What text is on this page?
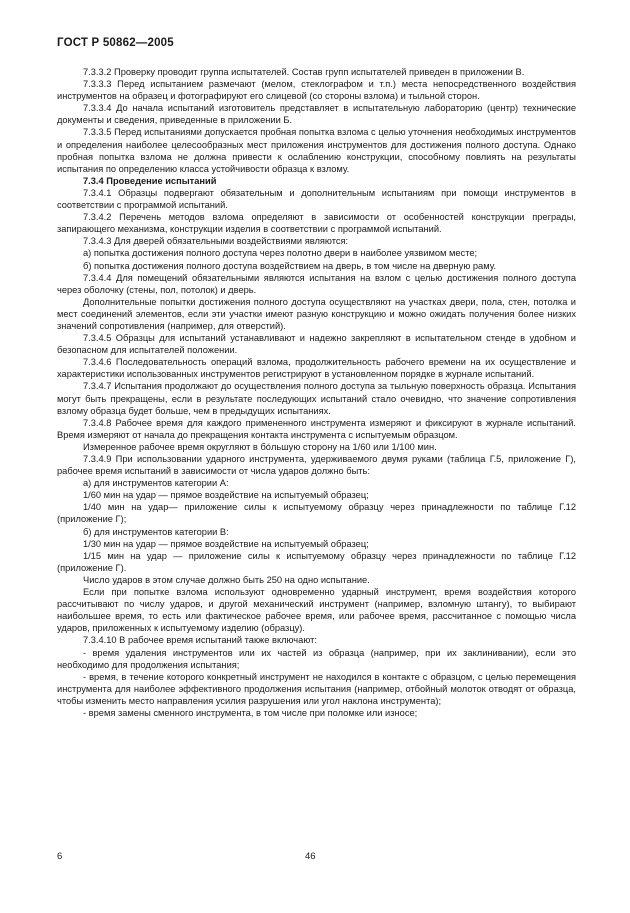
ГОСТ Р 50862—2005

7.3.3.2 Проверку проводит группа испытателей. Состав групп испытателей приведен в приложении В.

7.3.3.3 Перед испытанием размечают (мелом, стеклографом и т.п.) места непосредственного воздействия инструментов на образец и фотографируют его слицевой (со стороны взлома) и тыльной сторон.

7.3.3.4 До начала испытаний изготовитель представляет в испытательную лабораторию (центр) технические документы и сведения, приведенные в приложении Б.

7.3.3.5 Перед испытаниями допускается пробная попытка взлома с целью уточнения необходимых инструментов и определения наиболее целесообразных мест приложения инструментов для достижения полного доступа. Однако пробная попытка взлома не должна привести к ослаблению конструкции, способному повлиять на результаты испытания по определению класса устойчивости образца к взлому.

7.3.4 Проведение испытаний

7.3.4.1 Образцы подвергают обязательным и дополнительным испытаниям при помощи инструментов в соответствии с программой испытаний.

7.3.4.2 Перечень методов взлома определяют в зависимости от особенностей конструкции преграды, запирающего механизма, конструкции изделия в соответствии с программой испытаний.

7.3.4.3 Для дверей обязательными воздействиями являются:

а) попытка достижения полного доступа через полотно двери в наиболее уязвимом месте;

б) попытка достижения полного доступа воздействием на дверь, в том числе на дверную раму.

7.3.4.4 Для помещений обязательными являются испытания на взлом с целью достижения полного доступа через оболочку (стены, пол, потолок) и дверь.

Дополнительные попытки достижения полного доступа осуществляют на участках двери, пола, стен, потолка и мест соединений элементов, если эти участки имеют разную конструкцию и можно ожидать получения более низких значений сопротивления (например, для отверстий).

7.3.4.5 Образцы для испытаний устанавливают и надежно закрепляют в испытательном стенде в удобном и безопасном для испытателей положении.

7.3.4.6 Последовательность операций взлома, продолжительность рабочего времени на их осуществление и характеристики использованных инструментов регистрируют в установленном порядке в журнале испытаний.

7.3.4.7 Испытания продолжают до осуществления полного доступа за тыльную поверхность образца. Испытания могут быть прекращены, если в результате последующих испытаний стало очевидно, что значение сопротивления взлому образца будет больше, чем в предыдущих испытаниях.

7.3.4.8 Рабочее время для каждого примененного инструмента измеряют и фиксируют в журнале испытаний. Время измеряют от начала до прекращения контакта инструмента с испытуемым образцом.

Измеренное рабочее время округляют в бóльшую сторону на 1/60 или 1/100 мин.

7.3.4.9 При использовании ударного инструмента, удерживаемого двумя руками (таблица Г.5, приложение Г), рабочее время испытаний в зависимости от числа ударов должно быть:

а) для инструментов категории А:

1/60 мин на удар — прямое воздействие на испытуемый образец;

1/40 мин на удар— приложение силы к испытуемому образцу через принадлежности по таблице Г.12 (приложение Г);

б) для инструментов категории В:

1/30 мин на удар — прямое воздействие на испытуемый образец;

1/15 мин на удар — приложение силы к испытуемому образцу через принадлежности по таблице Г.12 (приложение Г).

Число ударов в этом случае должно быть 250 на одно испытание.

Если при попытке взлома используют одновременно ударный инструмент, время воздействия которого рассчитывают по числу ударов, и другой механический инструмент (например, взломную штангу), то выбирают наибольшее время, то есть или фактическое рабочее время, или рабочее время, рассчитанное с помощью числа ударов, приложенных к испытуемому изделию (образцу).

7.3.4.10 В рабочее время испытаний также включают:

- время удаления инструментов или их частей из образца (например, при их заклинивании), если это необходимо для продолжения испытания;

- время, в течение которого конкретный инструмент не находился в контакте с образцом, с целью перемещения инструмента для наиболее эффективного продолжения испытания (например, отбойный молоток отводят от образца, чтобы изменить место направления усилия разрушения или угол наклона инструмента);

- время замены сменного инструмента, в том числе при поломке или износе;

6	46
